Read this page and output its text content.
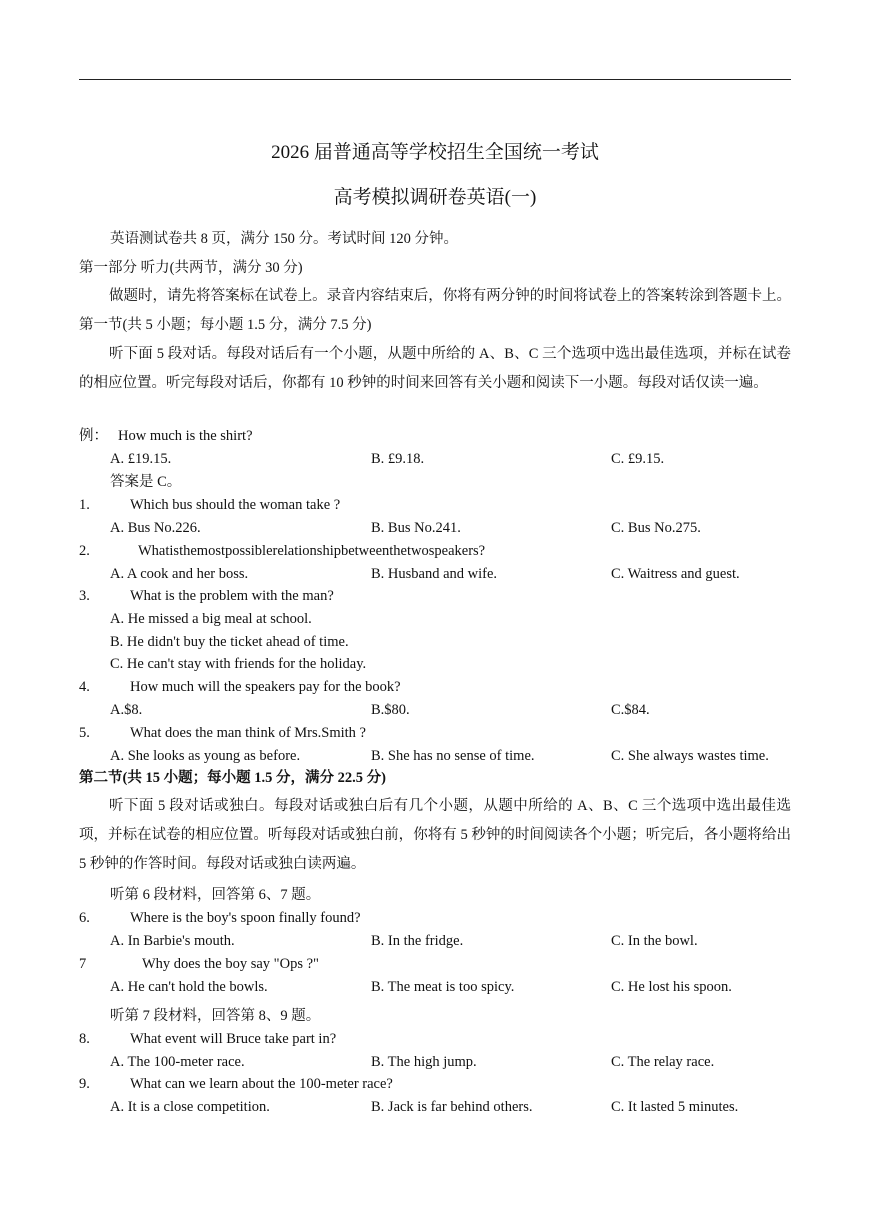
2026 届普通高等学校招生全国统一考试
高考模拟调研卷英语(一)
英语测试卷共 8 页，满分 150 分。考试时间 120 分钟。
第一部分 听力(共两节，满分 30 分)
做题时，请先将答案标在试卷上。录音内容结束后，你将有两分钟的时间将试卷上的答案转涂到答题卡上。第一节(共 5 小题；每小题 1.5 分，满分 7.5 分)
听下面 5 段对话。每段对话后有一个小题，从题中所给的 A、B、C 三个选项中选出最佳选项，并标在试卷的相应位置。听完每段对话后，你都有 10 秒钟的时间来回答有关小题和阅读下一小题。每段对话仅读一遍。
例： How much is the shirt?
A. £19.15.	B. £9.18.	C. £9.15.
答案是 C。
1.	Which bus should the woman take ?
A. Bus No.226.	B. Bus No.241.	C. Bus No.275.
2.	Whatisthemostpossiblerelationshipbetweenthetwospeakers?
A. A cook and her boss.	B. Husband and wife.	C. Waitress and guest.
3.	What is the problem with the man?
A. He missed a big meal at school.
B. He didn't buy the ticket ahead of time.
C. He can't stay with friends for the holiday.
4.	How much will the speakers pay for the book?
A.$8.	B.$80.	C.$84.
5.	What does the man think of Mrs.Smith ?
A. She looks as young as before.	B. She has no sense of time.	C. She always wastes time.
第二节(共 15 小题；每小题 1.5 分，满分 22.5 分)
听下面 5 段对话或独白。每段对话或独白后有几个小题，从题中所给的 A、B、C 三个选项中选出最佳选项，并标在试卷的相应位置。听每段对话或独白前，你将有 5 秒钟的时间阅读各个小题；听完后，各小题将给出 5 秒钟的作答时间。每段对话或独白读两遍。
听第 6 段材料，回答第 6、7 题。
6.	Where is the boy's spoon finally found?
A. In Barbie's mouth.	B. In the fridge.	C. In the bowl.
7	Why does the boy say "Ops ?"
A. He can't hold the bowls.	B. The meat is too spicy.	C. He lost his spoon.
听第 7 段材料，回答第 8、9 题。
8.	What event will Bruce take part in?
A. The 100-meter race.	B. The high jump.	C. The relay race.
9.	What can we learn about the 100-meter race?
A. It is a close competition.	B. Jack is far behind others.	C. It lasted 5 minutes.
